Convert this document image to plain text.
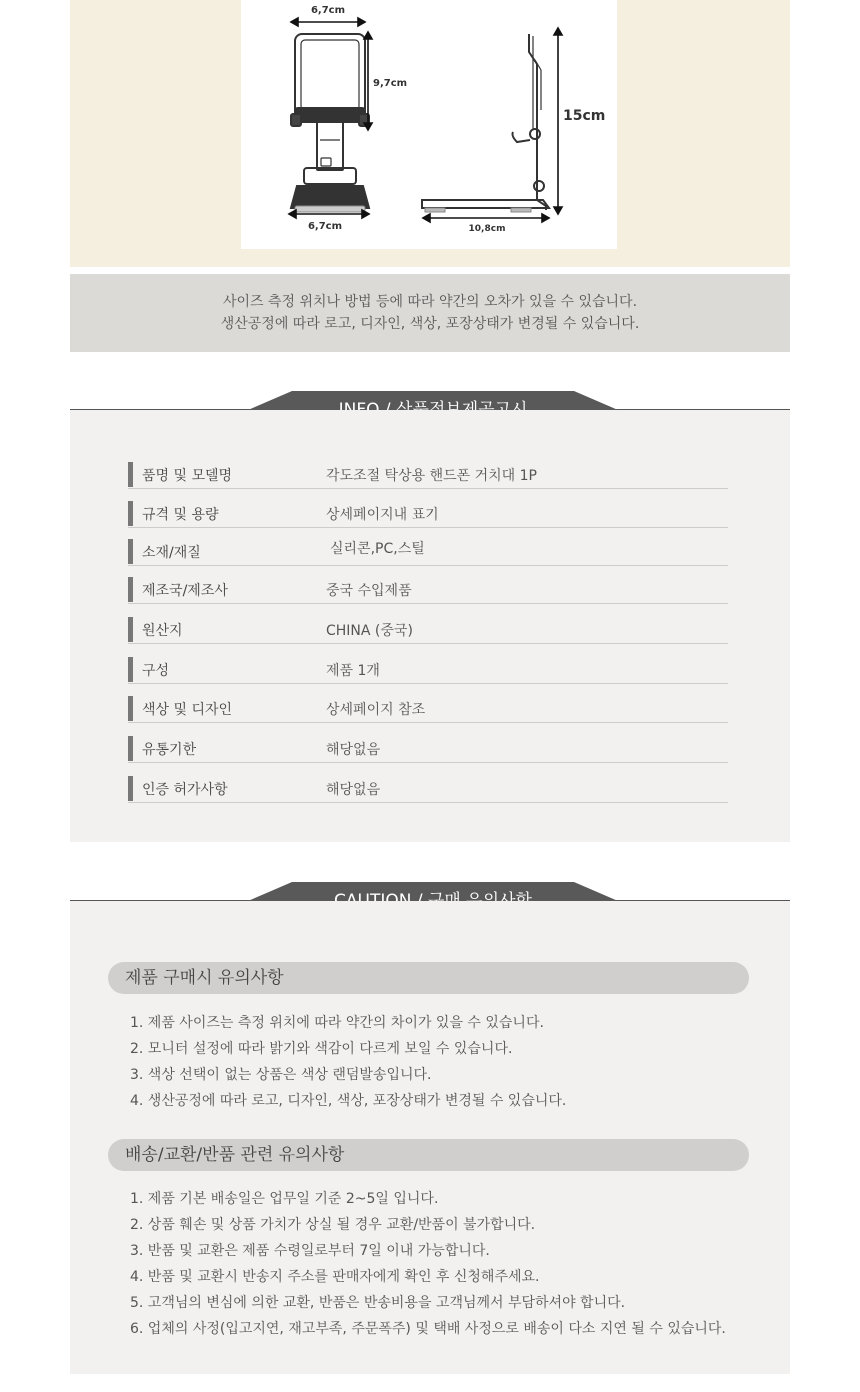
6,7cm
9,7cm
6,7cm
15cm
10,8cm

사이즈 측정 위치나 방법 등에 따라 약간의 오차가 있을 수 있습니다.

생산공정에 따라 로고, 디자인, 색상, 포장상태가 변경될 수 있습니다.

품명 및 모델명	각도조절 탁상용 핸드폰 거치대 1P
규격 및 용량	상세페이지내 표기
소재/재질	실리콘,PC,스틸
제조국/제조사	중국 수입제품
원산지	CHINA (중국)
구성	제품 1개
색상 및 디자인	상세페이지 참조
유통기한	해당없음
인증 허가사항	해당없음
제품 구매시 유의사항
1. 제품 사이즈는 측정 위치에 따라 약간의 차이가 있을 수 있습니다.
2. 모니터 설정에 따라 밝기와 색감이 다르게 보일 수 있습니다.
3. 색상 선택이 없는 상품은 색상 랜덤발송입니다.
4. 생산공정에 따라 로고, 디자인, 색상, 포장상태가 변경될 수 있습니다.
배송/교환/반품 관련 유의사항
1. 제품 기본 배송일은 업무일 기준 2~5일 입니다.
2. 상품 훼손 및 상품 가치가 상실 될 경우 교환/반품이 불가합니다.
3. 반품 및 교환은 제품 수령일로부터 7일 이내 가능합니다.
4. 반품 및 교환시 반송지 주소를 판매자에게 확인 후 신청해주세요.
5. 고객님의 변심에 의한 교환, 반품은 반송비용을 고객님께서 부담하셔야 합니다.
6. 업체의 사정(입고지연, 재고부족, 주문폭주) 및 택배 사정으로 배송이 다소 지연 될 수 있습니다.
